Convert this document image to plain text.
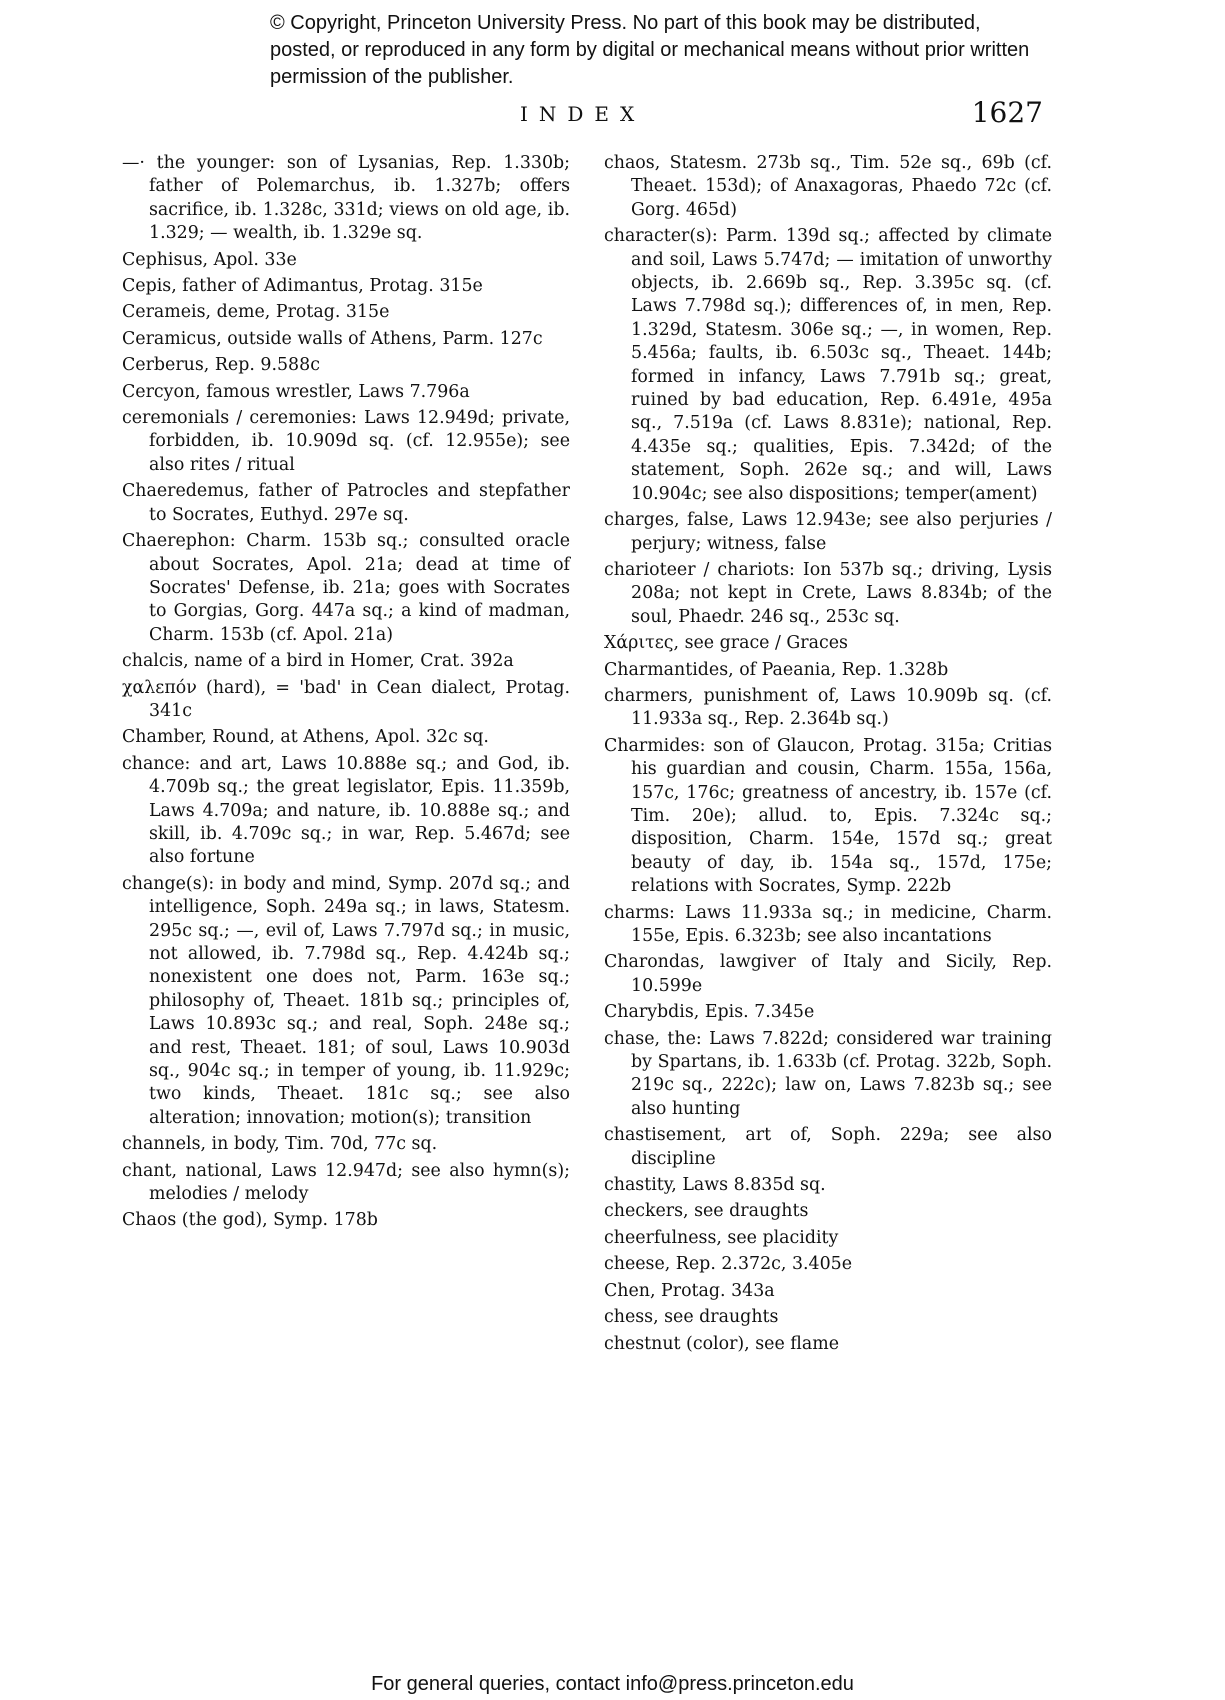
© Copyright, Princeton University Press. No part of this book may be distributed, posted, or reproduced in any form by digital or mechanical means without prior written permission of the publisher.
INDEX	1627

—· the younger: son of Lysanias, Rep. 1.330b; father of Polemarchus, ib. 1.327b; offers sacrifice, ib. 1.328c, 331d; views on old age, ib. 1.329; — wealth, ib. 1.329e sq.

Cephisus, Apol. 33e

Cepis, father of Adimantus, Protag. 315e

Cerameis, deme, Protag. 315e

Ceramicus, outside walls of Athens, Parm. 127c

Cerberus, Rep. 9.588c

Cercyon, famous wrestler, Laws 7.796a

ceremonials / ceremonies: Laws 12.949d; private, forbidden, ib. 10.909d sq. (cf. 12.955e); see also rites / ritual

Chaeredemus, father of Patrocles and stepfather to Socrates, Euthyd. 297e sq.

Chaerephon: Charm. 153b sq.; consulted oracle about Socrates, Apol. 21a; dead at time of Socrates' Defense, ib. 21a; goes with Socrates to Gorgias, Gorg. 447a sq.; a kind of madman, Charm. 153b (cf. Apol. 21a)

chalcis, name of a bird in Homer, Crat. 392a

χαλεπόν (hard), = 'bad' in Cean dialect, Protag. 341c

Chamber, Round, at Athens, Apol. 32c sq.

chance: and art, Laws 10.888e sq.; and God, ib. 4.709b sq.; the great legislator, Epis. 11.359b, Laws 4.709a; and nature, ib. 10.888e sq.; and skill, ib. 4.709c sq.; in war, Rep. 5.467d; see also fortune

change(s): in body and mind, Symp. 207d sq.; and intelligence, Soph. 249a sq.; in laws, Statesm. 295c sq.; —, evil of, Laws 7.797d sq.; in music, not allowed, ib. 7.798d sq., Rep. 4.424b sq.; nonexistent one does not, Parm. 163e sq.; philosophy of, Theaet. 181b sq.; principles of, Laws 10.893c sq.; and real, Soph. 248e sq.; and rest, Theaet. 181; of soul, Laws 10.903d sq., 904c sq.; in temper of young, ib. 11.929c; two kinds, Theaet. 181c sq.; see also alteration; innovation; motion(s); transition

channels, in body, Tim. 70d, 77c sq.

chant, national, Laws 12.947d; see also hymn(s); melodies / melody

Chaos (the god), Symp. 178b

chaos, Statesm. 273b sq., Tim. 52e sq., 69b (cf. Theaet. 153d); of Anaxagoras, Phaedo 72c (cf. Gorg. 465d)

character(s): Parm. 139d sq.; affected by climate and soil, Laws 5.747d; — imitation of unworthy objects, ib. 2.669b sq., Rep. 3.395c sq. (cf. Laws 7.798d sq.); differences of, in men, Rep. 1.329d, Statesm. 306e sq.; —, in women, Rep. 5.456a; faults, ib. 6.503c sq., Theaet. 144b; formed in infancy, Laws 7.791b sq.; great, ruined by bad education, Rep. 6.491e, 495a sq., 7.519a (cf. Laws 8.831e); national, Rep. 4.435e sq.; qualities, Epis. 7.342d; of the statement, Soph. 262e sq.; and will, Laws 10.904c; see also dispositions; temper(ament)

charges, false, Laws 12.943e; see also perjuries / perjury; witness, false

charioteer / chariots: Ion 537b sq.; driving, Lysis 208a; not kept in Crete, Laws 8.834b; of the soul, Phaedr. 246 sq., 253c sq.

Χάριτες, see grace / Graces

Charmantides, of Paeania, Rep. 1.328b

charmers, punishment of, Laws 10.909b sq. (cf. 11.933a sq., Rep. 2.364b sq.)

Charmides: son of Glaucon, Protag. 315a; Critias his guardian and cousin, Charm. 155a, 156a, 157c, 176c; greatness of ancestry, ib. 157e (cf. Tim. 20e); allud. to, Epis. 7.324c sq.; disposition, Charm. 154e, 157d sq.; great beauty of day, ib. 154a sq., 157d, 175e; relations with Socrates, Symp. 222b

charms: Laws 11.933a sq.; in medicine, Charm. 155e, Epis. 6.323b; see also incantations

Charondas, lawgiver of Italy and Sicily, Rep. 10.599e

Charybdis, Epis. 7.345e

chase, the: Laws 7.822d; considered war training by Spartans, ib. 1.633b (cf. Protag. 322b, Soph. 219c sq., 222c); law on, Laws 7.823b sq.; see also hunting

chastisement, art of, Soph. 229a; see also discipline

chastity, Laws 8.835d sq.

checkers, see draughts

cheerfulness, see placidity

cheese, Rep. 2.372c, 3.405e

Chen, Protag. 343a

chess, see draughts

chestnut (color), see flame

For general queries, contact info@press.princeton.edu
